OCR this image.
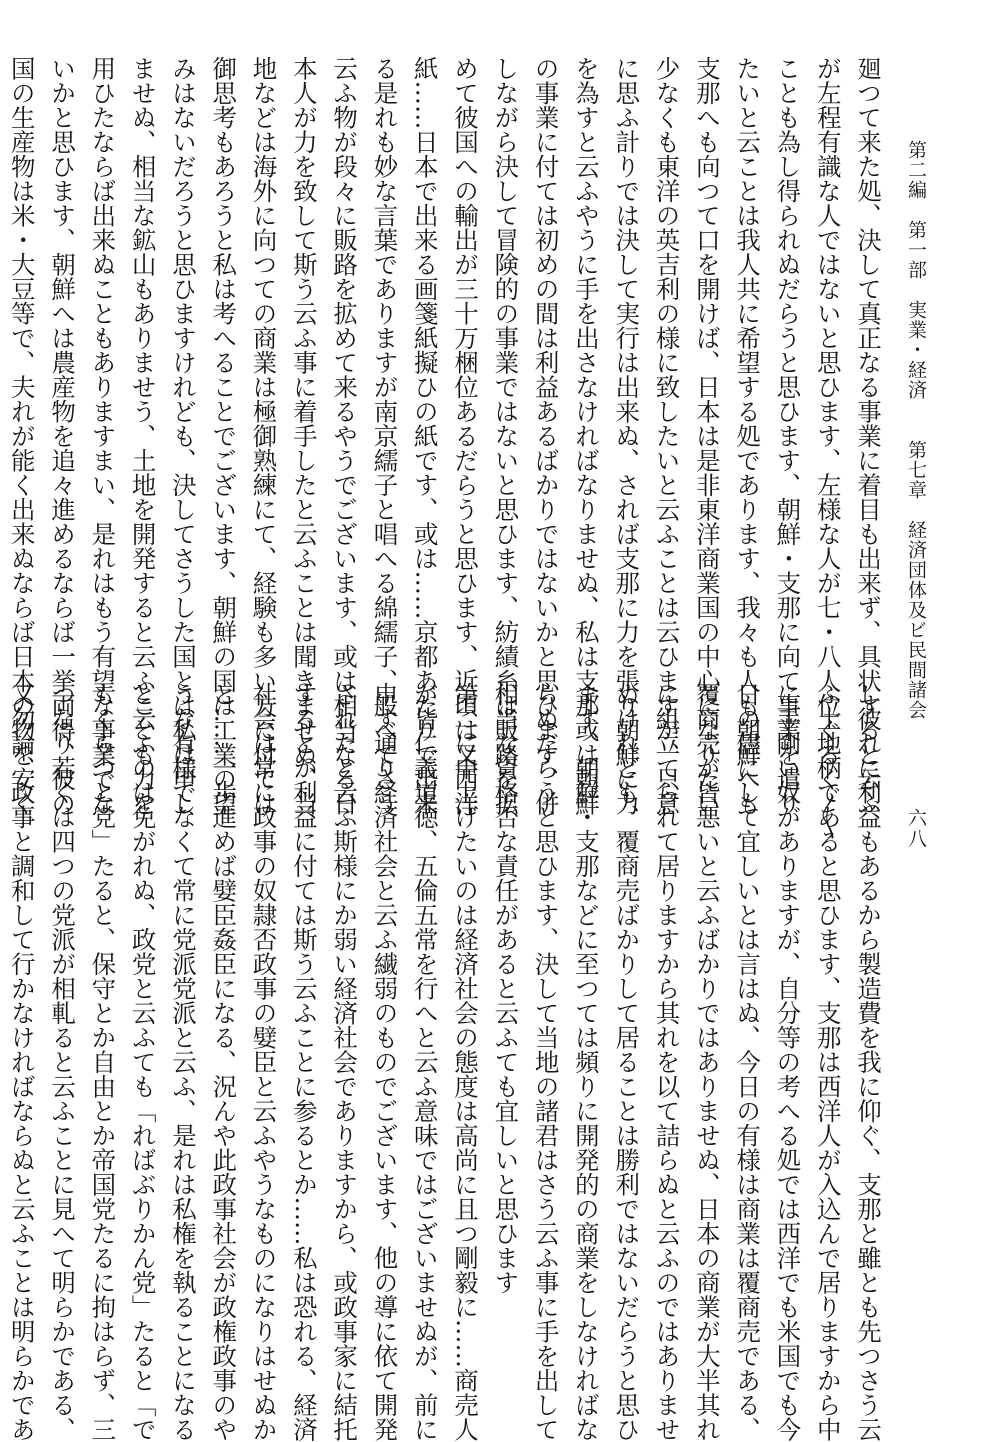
第二編　第一部　実業・経済　　第七章　経済団体及ビ民間諸会
六八

廻つて来た処、決して真正なる事業に着目も出来ず、具状すると云ふ

が左程有識な人ではないと思ひます、左様な人が七・八人位ぐるく〳〵

ことも為し得られぬだらうと思ひます、朝鮮・支那に向て事業を遣り

たいと云ことは我人共に希望する処であります、我々も人も朝鮮へも

支那へも向つて口を開けば、日本は是非東洋商業国の中心になりたい

少なくも東洋の英吉利の様に致したいと云ふことは云ひますが、只意

に思ふ計りでは決して実行は出来ぬ、されば支那に力を張り朝鮮に力

を為すと云ふやうに手を出さなければなりませぬ、私は支那或は朝鮮

の事業に付ては初めの間は利益あるばかりではないかと思ひます、併

しながら決して冒険的の事業ではないと思ひます、紡績糸は販路を拡

めて彼国への輸出が三十万梱位あるだらうと思ひます、近頃は又西洋

紙……日本で出来る画箋紙擬ひの紙です、或は……京都あたりで出来

る是れも妙な言葉でありますが南京繻子と唱へる綿繻子、般べてさう

云ふ物が段々に販路を拡めて来るやうでございます、或は相当なる日

本人が力を致して斯う云ふ事に着手したと云ふことは聞きませぬ、当

地などは海外に向つての商業は極御熟練にて、経験も多い方に付ては

御思考もあろうと私は考へることでございます、朝鮮の国は工業の望

みはないだろうと思ひますけれども、決してさうした国とは私は申し

ませぬ、相当な鉱山もありませう、土地を開発すると云ふことも力を

用ひたならば出来ぬこともありますまい、是れはもう有望な事業でな

いかと思ひます、朝鮮へは農産物を追々進めるならば一挙両得、彼の

国の生産物は米・大豆等で、夫れが能く出来ぬならば日本の物を安く

し彼れに利益もあるから製造費を我に仰ぐ、支那と雖とも先つさう云

ふ土地柄であると思ひます、支那は西洋人が入込んで居りますから中

に手剛い奴がありますが、自分等の考へる処では西洋でも米国でも今

日の儘にして宜しいとは言はぬ、今日の有様は商業は覆商売である、

覆商売が皆悪いと云ふばかりではありませぬ、日本の商業が大半其れ

に組立てられて居りますから其れを以て詰らぬと云ふのではありませ

ぬけれども、覆商売ばかりして居ることは勝利ではないだらうと思ひ

ます、朝鮮・支那などに至つては頻りに開発的の商業をしなければな

らぬだらうと思ひます、決して当地の諸君はさう云ふ事に手を出して

相当な資格否な責任があると云ふても宜しいと思ひます

第二に申上げたいのは経済社会の態度は高尚に且つ剛毅に……商売人

が皆仁義道徳、五倫五常を行へと云ふ意味ではございませぬが、前に

申す通り経済社会と云ふ繊弱のものでございます、他の導に依て開発

されたと云ふ斯様にか弱い経済社会でありますから、或政事家に結托

するとか利益に付ては斯う云ふことに参るとか……私は恐れる、経済

社会は常に政事の奴隷否政事の嬖臣と云ふやうなものになりはせぬか

と……一歩進めば嬖臣姦臣になる、況んや此政事社会が政権政事のや

うな有様でなくて常に党派党派と云ふ、是れは私権を執ることになる

と云ふのは免がれぬ、政党と云ふても「ればぶりかん党」たると「で

もくらつと党」たると、保守とか自由とか帝国党たるに拘はらず、三

つなり若くは四つの党派が相軋ると云ふことに見へて明らかである、

又勿論、政事と調和して行かなければならぬと云ふことは明らかであ
